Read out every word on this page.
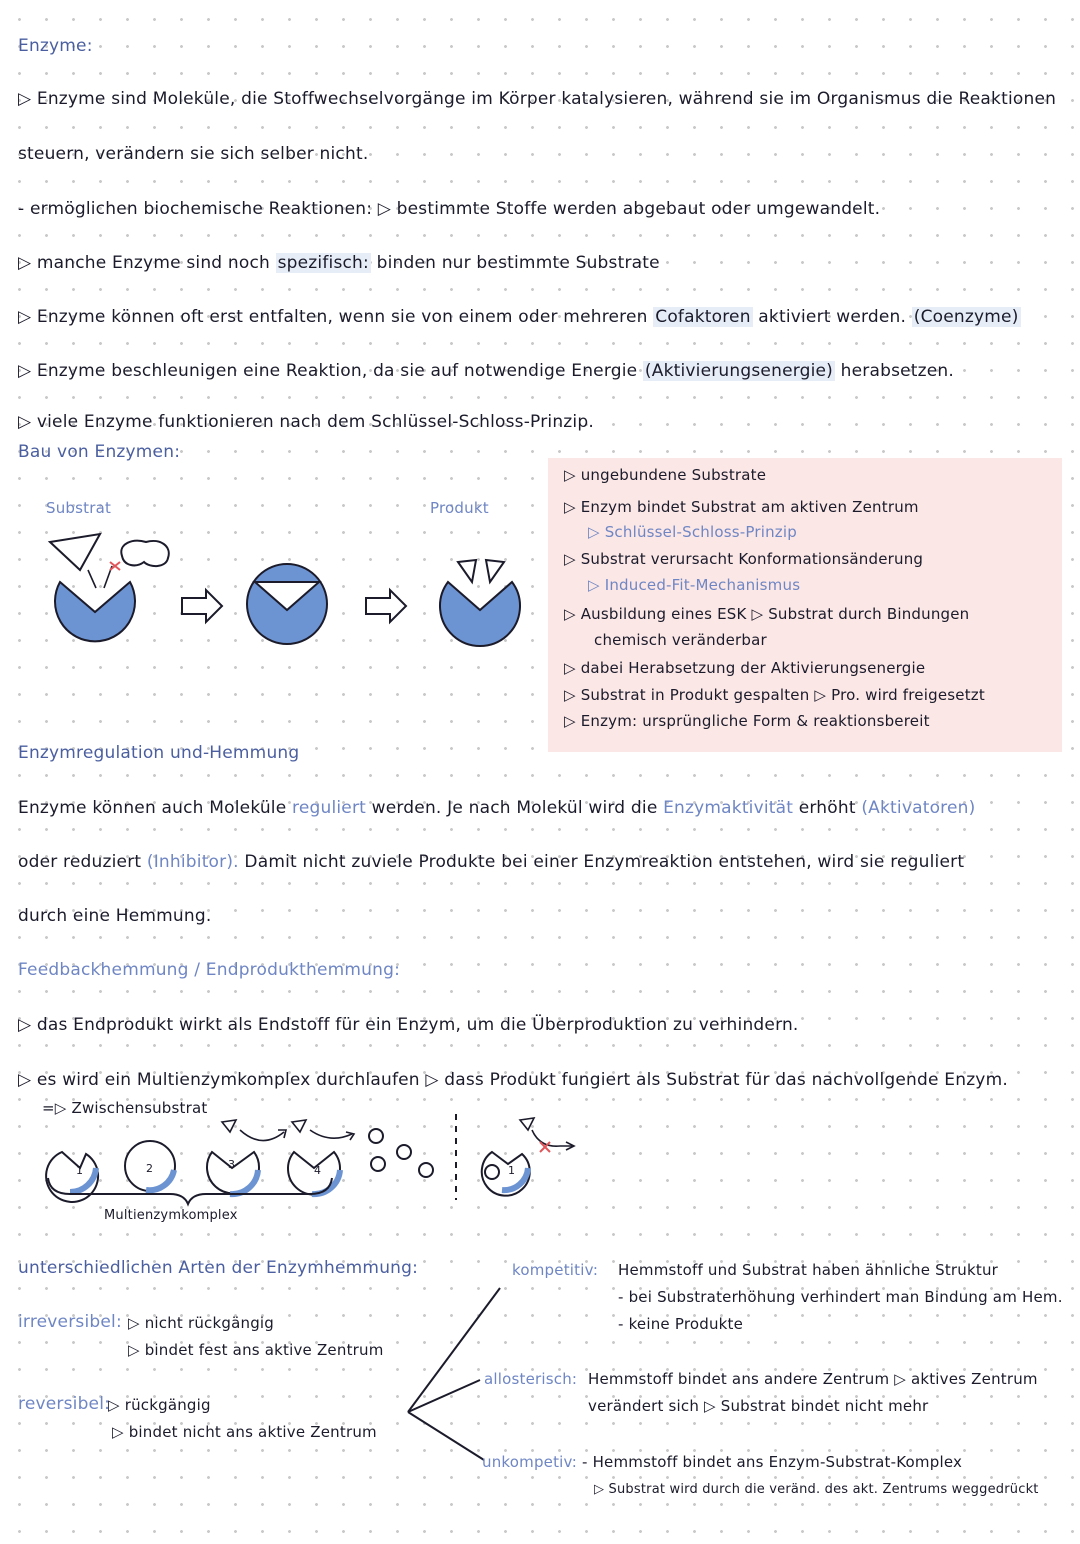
Enzyme:
▷ Enzyme sind Moleküle, die Stoffwechselvorgänge im Körper katalysieren, während sie im Organismus die Reaktionen
steuern, verändern sie sich selber nicht.
- ermöglichen biochemische Reaktionen: ▷ bestimmte Stoffe werden abgebaut oder umgewandelt.
▷ manche Enzyme sind noch spezifisch: binden nur bestimmte Substrate
▷ Enzyme können oft erst entfalten, wenn sie von einem oder mehreren Cofaktoren aktiviert werden. (Coenzyme)
▷ Enzyme beschleunigen eine Reaktion, da sie auf notwendige Energie (Aktivierungsenergie) herabsetzen.
▷ viele Enzyme funktionieren nach dem Schlüssel-Schloss-Prinzip.
Bau von Enzymen:
Substrat	Produkt
▷ ungebundene Substrate
▷ Enzym bindet Substrat am aktiven Zentrum
▷ Schlüssel-Schloss-Prinzip
▷ Substrat verursacht Konformationsänderung
▷ Induced-Fit-Mechanismus
▷ Ausbildung eines ESK ▷ Substrat durch Bindungen
chemisch veränderbar
▷ dabei Herabsetzung der Aktivierungsenergie
▷ Substrat in Produkt gespalten ▷ Pro. wird freigesetzt
▷ Enzym: ursprüngliche Form & reaktionsbereit
Enzymregulation und-Hemmung
Enzyme können auch Moleküle reguliert werden. Je nach Molekül wird die Enzymaktivität erhöht (Aktivatoren)
oder reduziert (Inhibitor). Damit nicht zuviele Produkte bei einer Enzymreaktion entstehen, wird sie reguliert
durch eine Hemmung.
Feedbackhemmung / Endprodukthemmung:
▷ das Endprodukt wirkt als Endstoff für ein Enzym, um die Überproduktion zu verhindern.
▷ es wird ein Multienzymkomplex durchlaufen ▷ dass Produkt fungiert als Substrat für das nachvollgende Enzym.
=▷ Zwischensubstrat
1	2	3	4	1
Multienzymkomplex
unterschiedlichen Arten der Enzymhemmung:
irreversibel: ▷ nicht rückgängig
▷ bindet fest ans aktive Zentrum
reversibel:
▷ rückgängig
▷ bindet nicht ans aktive Zentrum
kompetitiv: Hemmstoff und Substrat haben ähnliche Struktur
- bei Substraterhöhung verhindert man Bindung am Hem.
- keine Produkte
allosterisch: Hemmstoff bindet ans andere Zentrum ▷ aktives Zentrum
verändert sich ▷ Substrat bindet nicht mehr
unkompetiv: - Hemmstoff bindet ans Enzym-Substrat-Komplex
▷ Substrat wird durch die veränd. des akt. Zentrums weggedrückt
